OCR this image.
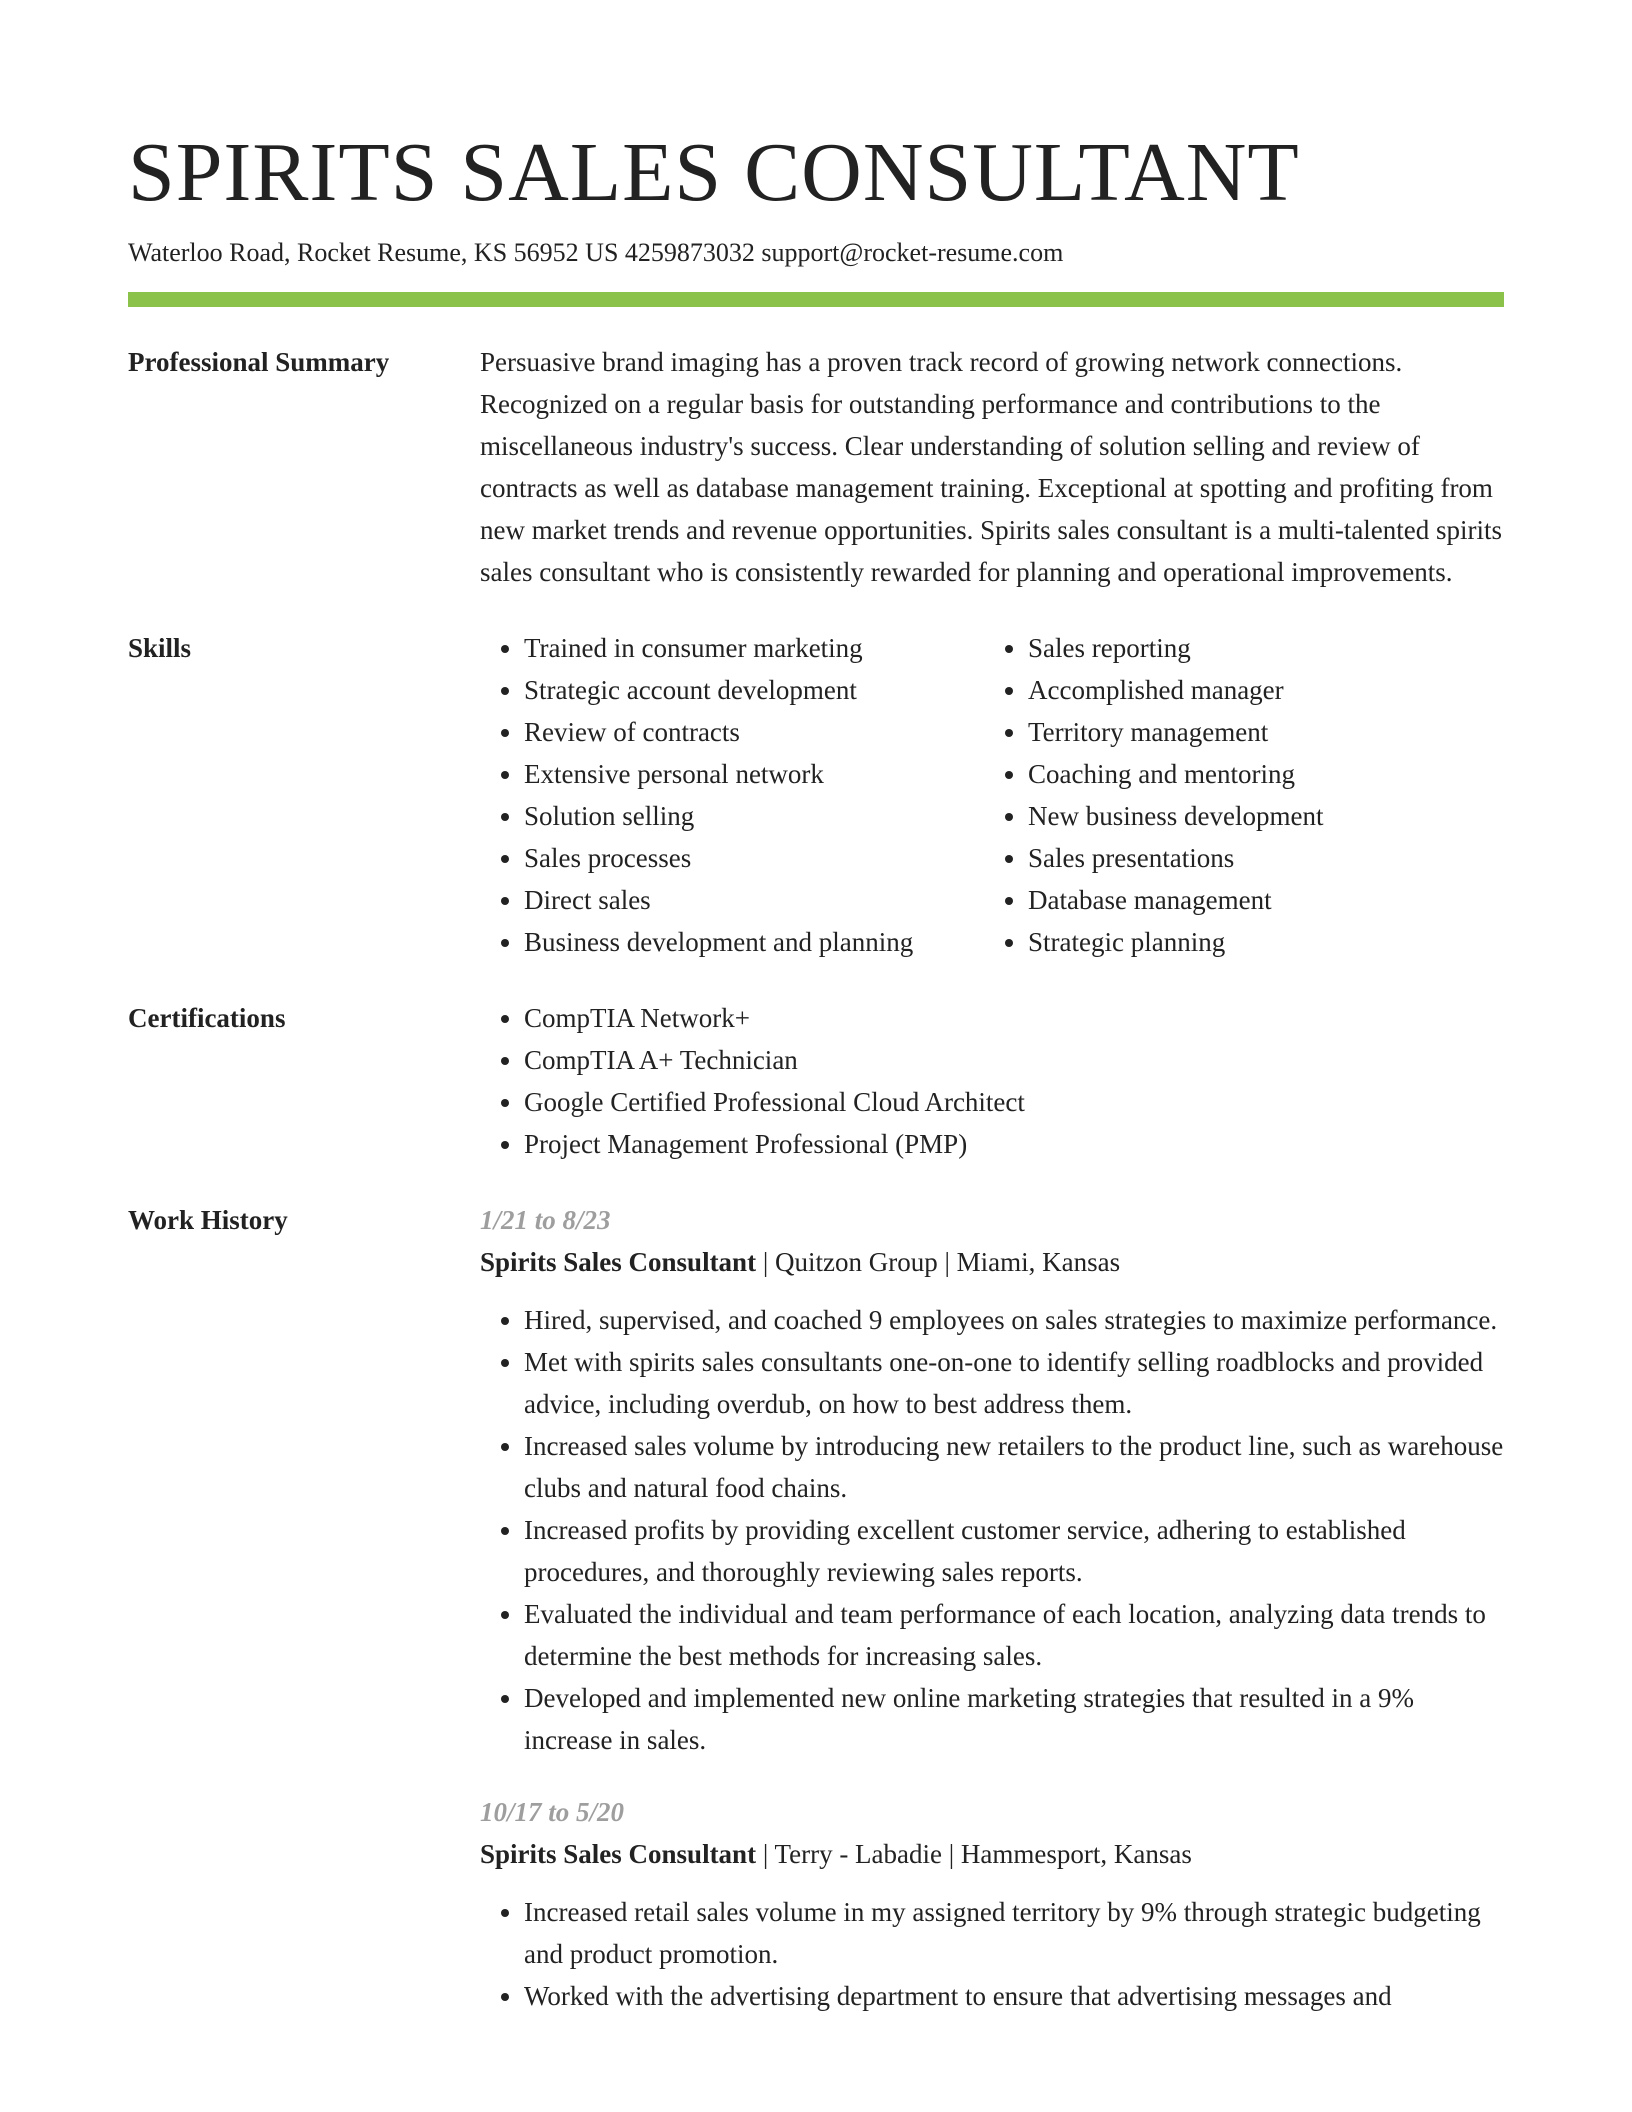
SPIRITS SALES CONSULTANT
Waterloo Road, Rocket Resume, KS 56952 US 4259873032 support@rocket-resume.com
Professional Summary	Persuasive brand imaging has a proven track record of growing network connections. Recognized on a regular basis for outstanding performance and contributions to the miscellaneous industry's success. Clear understanding of solution selling and review of contracts as well as database management training. Exceptional at spotting and profiting from new market trends and revenue opportunities. Spirits sales consultant is a multi-talented spirits sales consultant who is consistently rewarded for planning and operational improvements.

Skills	• Trained in consumer marketing
• Strategic account development
• Review of contracts
• Extensive personal network
• Solution selling
• Sales processes
• Direct sales
• Business development and planning
• Sales reporting
• Accomplished manager
• Territory management
• Coaching and mentoring
• New business development
• Sales presentations
• Database management
• Strategic planning
Certifications	• CompTIA Network+
• CompTIA A+ Technician
• Google Certified Professional Cloud Architect
• Project Management Professional (PMP)
Work History	1/21 to 8/23
Spirits Sales Consultant | Quitzon Group | Miami, Kansas
• Hired, supervised, and coached 9 employees on sales strategies to maximize performance.
• Met with spirits sales consultants one-on-one to identify selling roadblocks and provided advice, including overdub, on how to best address them.
• Increased sales volume by introducing new retailers to the product line, such as warehouse clubs and natural food chains.
• Increased profits by providing excellent customer service, adhering to established procedures, and thoroughly reviewing sales reports.
• Evaluated the individual and team performance of each location, analyzing data trends to determine the best methods for increasing sales.
• Developed and implemented new online marketing strategies that resulted in a 9% increase in sales.
10/17 to 5/20
Spirits Sales Consultant | Terry - Labadie | Hammesport, Kansas
• Increased retail sales volume in my assigned territory by 9% through strategic budgeting and product promotion.
• Worked with the advertising department to ensure that advertising messages and
